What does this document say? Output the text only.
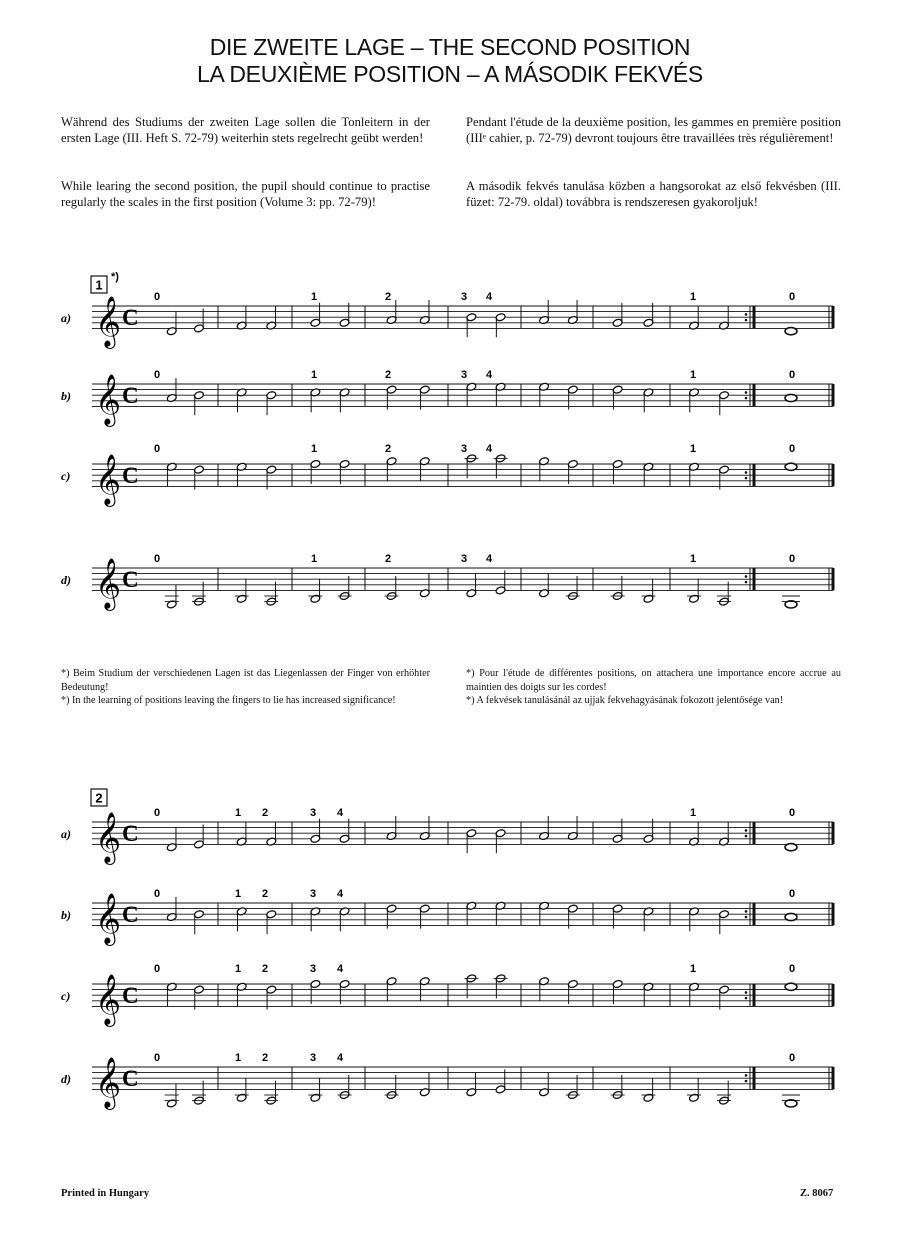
DIE ZWEITE LAGE – THE SECOND POSITION
LA DEUXIÈME POSITION – A MÁSODIK FEKVÉS
Während des Studiums der zweiten Lage sollen die Tonleitern in der ersten Lage (III. Heft S. 72-79) weiterhin stets regelrecht geübt werden!
While learing the second position, the pupil should continue to practise regularly the scales in the first position (Volume 3: pp. 72-79)!
Pendant l'étude de la deuxième position, les gammes en première position (IIIᵉ cahier, p. 72-79) devront toujours être travaillées très régulièrement!
A második fekvés tanulása közben a hangsorokat az első fekvésben (III. füzet: 72-79. oldal) továbbra is rendszeresen gyakoroljuk!
*) Beim Studium der verschiedenen Lagen ist das Liegenlassen der Finger von erhöhter Bedeutung!
*) In the learning of positions leaving the fingers to lie has increased significance!
*) Pour l'étude de différentes positions, on attachera une importance encore accrue au maintien des doigts sur les cordes!
*) A fekvések tanulásánál az ujjak fekvehagyásának fokozott jelentősége van!
1
*)
a) 𝄞 C
0	1	2	3 4	1	0
b) 𝄞 C
0	1	2	3 4	1	0
c) 𝄞 C
0	1	2	3 4	1	0
d) 𝄞 C
0	1	2	3 4	1	0
2
a) 𝄞 C
0	1 2	3 4	1	0
b) 𝄞 C
0	1 2	3 4	0
c) 𝄞 C
0	1 2	3 4	1	0
d) 𝄞 C
0	1 2	3 4	0
Printed in Hungary	Z. 8067
